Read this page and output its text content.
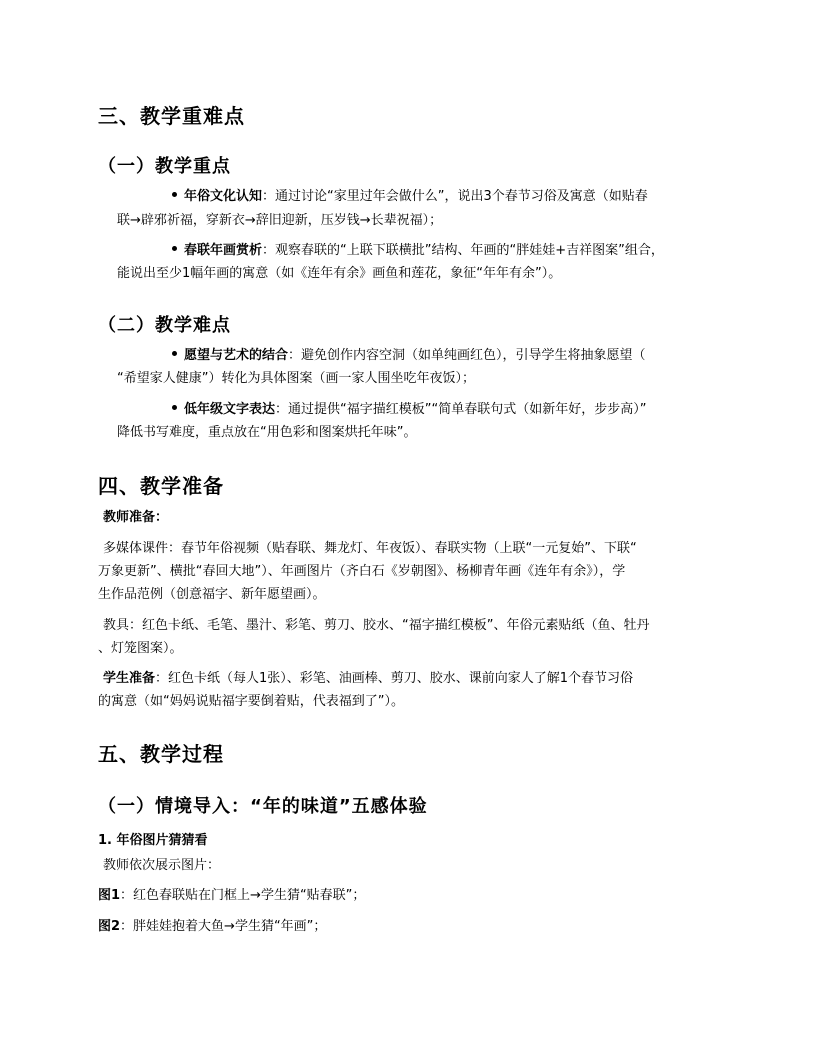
三、教学重难点
（一）教学重点
年俗文化认知：通过讨论“家里过年会做什么”，说出3个春节习俗及寓意（如贴春
联→辟邪祈福，穿新衣→辞旧迎新，压岁钱→长辈祝福）；
春联年画赏析：观察春联的“上联下联横批”结构、年画的“胖娃娃+吉祥图案”组合，
能说出至少1幅年画的寓意（如《连年有余》画鱼和莲花，象征“年年有余”）。
（二）教学难点
愿望与艺术的结合：避免创作内容空洞（如单纯画红色），引导学生将抽象愿望（
“希望家人健康”）转化为具体图案（画一家人围坐吃年夜饭）；
低年级文字表达：通过提供“福字描红模板”“简单春联句式（如新年好，步步高）”
降低书写难度，重点放在“用色彩和图案烘托年味”。
四、教学准备
教师准备：
多媒体课件：春节年俗视频（贴春联、舞龙灯、年夜饭）、春联实物（上联“一元复始”、下联“
万象更新”、横批“春回大地”）、年画图片（齐白石《岁朝图》、杨柳青年画《连年有余》），学
生作品范例（创意福字、新年愿望画）。
教具：红色卡纸、毛笔、墨汁、彩笔、剪刀、胶水、“福字描红模板”、年俗元素贴纸（鱼、牡丹
、灯笼图案）。
学生准备：红色卡纸（每人1张）、彩笔、油画棒、剪刀、胶水、课前向家人了解1个春节习俗
的寓意（如“妈妈说贴福字要倒着贴，代表福到了”）。
五、教学过程
（一）情境导入：“年的味道”五感体验
1. 年俗图片猜猜看
教师依次展示图片：
图1：红色春联贴在门框上→学生猜“贴春联”；
图2：胖娃娃抱着大鱼→学生猜“年画”；
